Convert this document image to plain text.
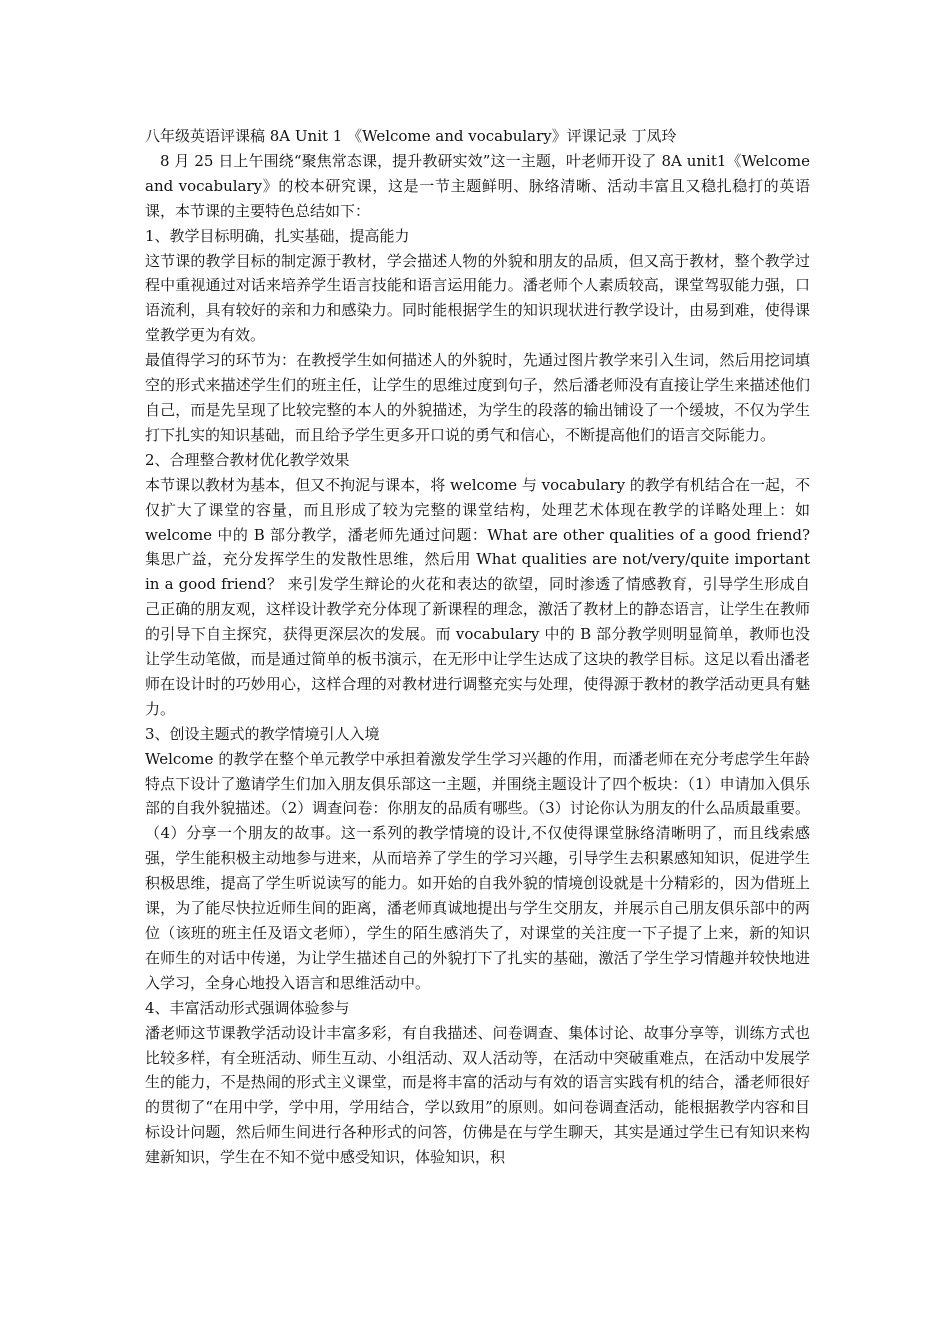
八年级英语评课稿 8A Unit 1 《Welcome and vocabulary》评课记录 丁凤玲

8 月 25 日上午围绕“聚焦常态课，提升教研实效”这一主题，叶老师开设了 8A unit1《Welcome and vocabulary》的校本研究课，这是一节主题鲜明、脉络清晰、活动丰富且又稳扎稳打的英语课，本节课的主要特色总结如下：

1、教学目标明确，扎实基础，提高能力

这节课的教学目标的制定源于教材，学会描述人物的外貌和朋友的品质，但又高于教材，整个教学过程中重视通过对话来培养学生语言技能和语言运用能力。潘老师个人素质较高，课堂驾驭能力强，口语流利，具有较好的亲和力和感染力。同时能根据学生的知识现状进行教学设计，由易到难，使得课堂教学更为有效。

最值得学习的环节为：在教授学生如何描述人的外貌时，先通过图片教学来引入生词，然后用挖词填空的形式来描述学生们的班主任，让学生的思维过度到句子，然后潘老师没有直接让学生来描述他们自己，而是先呈现了比较完整的本人的外貌描述，为学生的段落的输出铺设了一个缓坡，不仅为学生打下扎实的知识基础，而且给予学生更多开口说的勇气和信心，不断提高他们的语言交际能力。

2、合理整合教材优化教学效果

本节课以教材为基本，但又不拘泥与课本，将 welcome 与 vocabulary 的教学有机结合在一起，不仅扩大了课堂的容量，而且形成了较为完整的课堂结构，处理艺术体现在教学的详略处理上：如 welcome 中的 B 部分教学，潘老师先通过问题：What are other qualities of a good friend?集思广益，充分发挥学生的发散性思维，然后用 What qualities are not/very/quite important in a good friend？ 来引发学生辩论的火花和表达的欲望，同时渗透了情感教育，引导学生形成自己正确的朋友观，这样设计教学充分体现了新课程的理念，激活了教材上的静态语言，让学生在教师的引导下自主探究，获得更深层次的发展。而 vocabulary 中的 B 部分教学则明显简单，教师也没让学生动笔做，而是通过简单的板书演示，在无形中让学生达成了这块的教学目标。这足以看出潘老师在设计时的巧妙用心，这样合理的对教材进行调整充实与处理，使得源于教材的教学活动更具有魅力。

3、创设主题式的教学情境引人入境

Welcome 的教学在整个单元教学中承担着激发学生学习兴趣的作用，而潘老师在充分考虑学生年龄特点下设计了邀请学生们加入朋友俱乐部这一主题，并围绕主题设计了四个板块：（1）申请加入俱乐部的自我外貌描述。（2）调查问卷：你朋友的品质有哪些。（3）讨论你认为朋友的什么品质最重要。（4）分享一个朋友的故事。这一系列的教学情境的设计,不仅使得课堂脉络清晰明了，而且线索感强，学生能积极主动地参与进来，从而培养了学生的学习兴趣，引导学生去积累感知知识，促进学生积极思维，提高了学生听说读写的能力。如开始的自我外貌的情境创设就是十分精彩的，因为借班上课，为了能尽快拉近师生间的距离，潘老师真诚地提出与学生交朋友，并展示自己朋友俱乐部中的两位（该班的班主任及语文老师），学生的陌生感消失了，对课堂的关注度一下子提了上来，新的知识在师生的对话中传递，为让学生描述自己的外貌打下了扎实的基础，激活了学生学习情趣并较快地进入学习，全身心地投入语言和思维活动中。

4、丰富活动形式强调体验参与

潘老师这节课教学活动设计丰富多彩，有自我描述、问卷调查、集体讨论、故事分享等，训练方式也比较多样，有全班活动、师生互动、小组活动、双人活动等，在活动中突破重难点，在活动中发展学生的能力，不是热闹的形式主义课堂，而是将丰富的活动与有效的语言实践有机的结合，潘老师很好的贯彻了“在用中学，学中用，学用结合，学以致用”的原则。如问卷调查活动，能根据教学内容和目标设计问题，然后师生间进行各种形式的问答，仿佛是在与学生聊天，其实是通过学生已有知识来构建新知识，学生在不知不觉中感受知识，体验知识，积
